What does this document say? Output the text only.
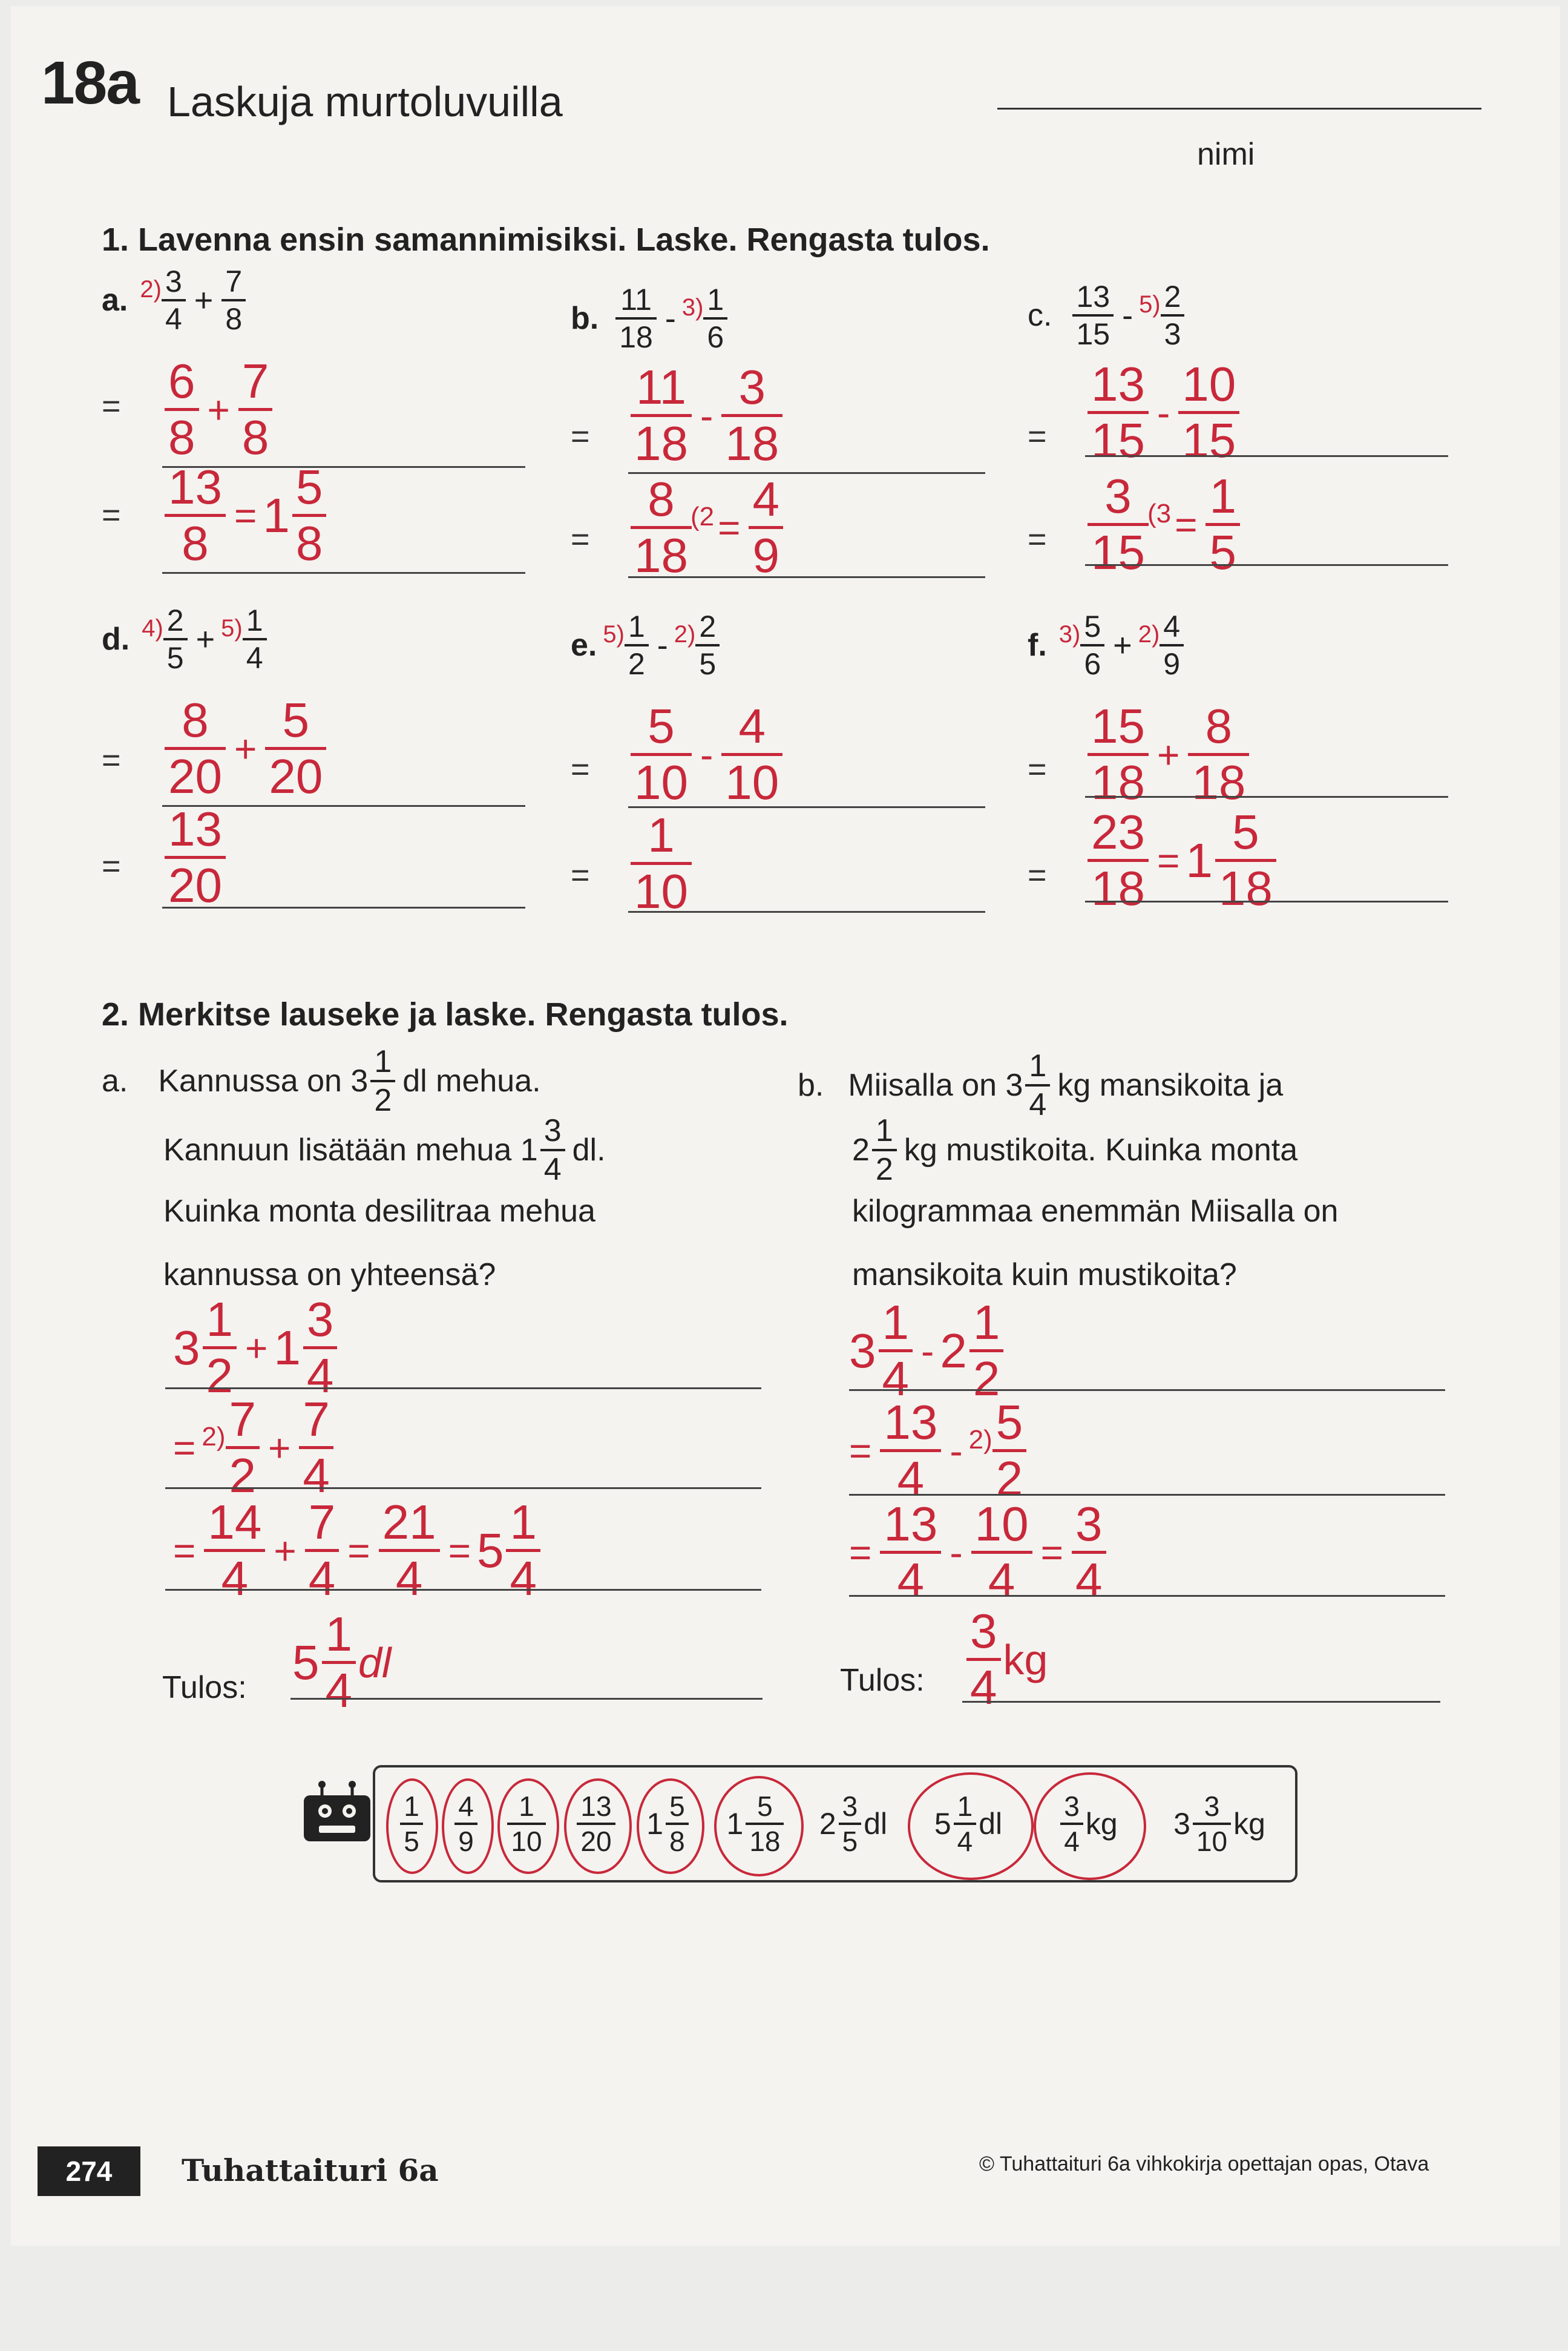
18a Laskuja murtoluvuilla
nimi
1. Lavenna ensin samannimisiksi. Laske. Rengasta tulos.
a. $2) \frac{3}{4} + \frac{7}{8}$
= 6
8
+
7
8
=
13
8
= 1
5
8
b. $\frac{11}{18} - 3) \frac{1}{6}$
=
11
18
-
3
18
=
8
18
(2 =
4
9
c. $\frac{13}{15} - 5) \frac{2}{3}$
=
13
15
-
10
15
=
3
15
(3 =
1
5
d. $4) \frac{2}{5} + 5) \frac{1}{4}$
=
8
20
+
5
20
=
13
20
e. $5) \frac{1}{2} - 2) \frac{2}{5}$
=
5
10
-
4
10
=
1
10
f. $3) \frac{5}{6} + 2) \frac{4}{9}$
=
15
18
+
8
18
=
23
18
= 1
5
18
2. Merkitse lauseke ja laske. Rengasta tulos.
a. Kannussa on $3 \frac{1}{2}$ dl mehua.
Kannuun lisätään mehua $1 \frac{3}{4}$ dl.
Kuinka monta desilitraa mehua
kannussa on yhteensä?
3
1
2
+ 1
3
4
= 2) 7
2
+
7
4
=
14
4
+
7
4
=
21
4
= 5
1
4
Tulos: 5
1
4
dl
b. Miisalla on $3 \frac{1}{4}$ kg mansikoita ja
$2 \frac{1}{2}$ kg mustikoita. Kuinka monta
kilogrammaa enemmän Miisalla on
mansikoita kuin mustikoita?
3
1
4
- 2
1
2
=
13
4
- 2) 5
2
=
13
4
-
10
4
=
3
4
Tulos:
3
4
kg
$\frac{1}{5} \frac{4}{9} \frac{1}{10} \frac{13}{20} 1 \frac{5}{8} 1 \frac{5}{18} 2 \frac{3}{5}$ dl $5 \frac{1}{4}$ dl $\frac{3}{4}$ kg $3 \frac{3}{10}$ kg
274	Tuhattaituri 6a	© Tuhattaituri 6a vihkokirja opettajan opas, Otava
